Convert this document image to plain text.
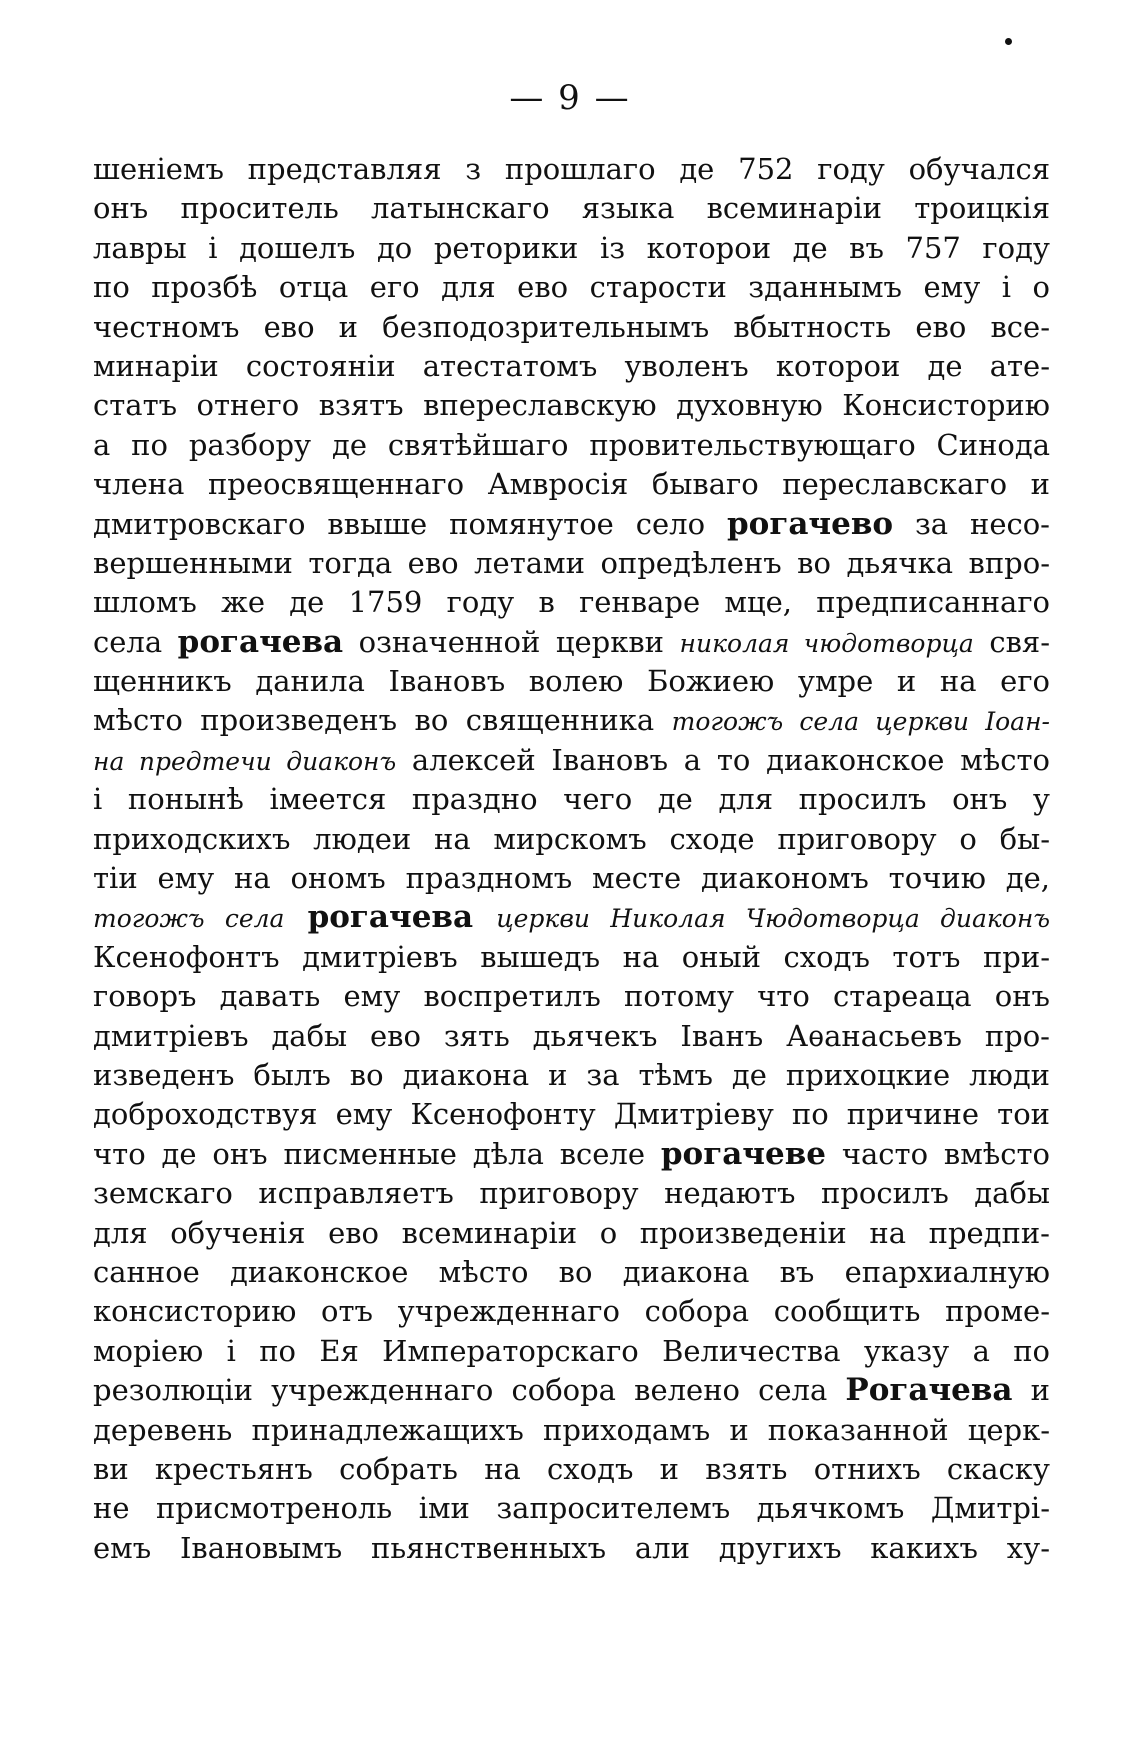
— 9 —
шеніемъ представляя з прошлаго де 752 году обучался
онъ проситель латынскаго языка всеминаріи троицкія
лавры і дошелъ до реторики із которои де въ 757 году
по прозбѣ отца его для ево старости зданнымъ ему і о
честномъ ево и безподозрительнымъ вбытность ево все-
минаріи состояніи атестатомъ уволенъ которои де ате-
статъ отнего взятъ впереславскую духовную Консисторию
а по разбору де святѣйшаго провительствующаго Синода
члена преосвященнаго Амвросія бываго переславскаго и
дмитровскаго ввыше помянутое село рогачево за несо-
вершенными тогда ево летами опредѣленъ во дьячка впро-
шломъ же де 1759 году в генваре мце, предписаннаго
села рогачева означенной церкви николая чюдотворца свя-
щенникъ данила Івановъ волею Божиею умре и на его
мѣсто произведенъ во священника тогожъ села церкви Іоан-
на предтечи диаконъ алексей Івановъ а то диаконское мѣсто
і понынѣ імеется праздно чего де для просилъ онъ у
приходскихъ людеи на мирскомъ сходе приговору о бы-
тіи ему на ономъ праздномъ месте диакономъ точию де,
тогожъ села рогачева церкви Николая Чюдотворца диаконъ
Ксенофонтъ дмитріевъ вышедъ на оный сходъ тотъ при-
говоръ давать ему воспретилъ потому что стареаца онъ
дмитріевъ дабы ево зять дьячекъ Іванъ Аѳанасьевъ про-
изведенъ былъ во диакона и за тѣмъ де прихоцкие люди
доброходствуя ему Ксенофонту Дмитріеву по причине тои
что де онъ писменные дѣла вселе рогачеве часто вмѣсто
земскаго исправляетъ приговору недаютъ просилъ дабы
для обученія ево всеминаріи о произведеніи на предпи-
санное диаконское мѣсто во диакона въ епархиалную
консисторию отъ учрежденнаго собора сообщить проме-
моріею і по Ея Императорскаго Величества указу а по
резолюціи учрежденнаго собора велено села Рогачева и
деревень принадлежащихъ приходамъ и показанной церк-
ви крестьянъ собрать на сходъ и взять отнихъ скаску
не присмотреноль іми запросителемъ дьячкомъ Дмитрі-
емъ Івановымъ пьянственныхъ али другихъ какихъ ху-
